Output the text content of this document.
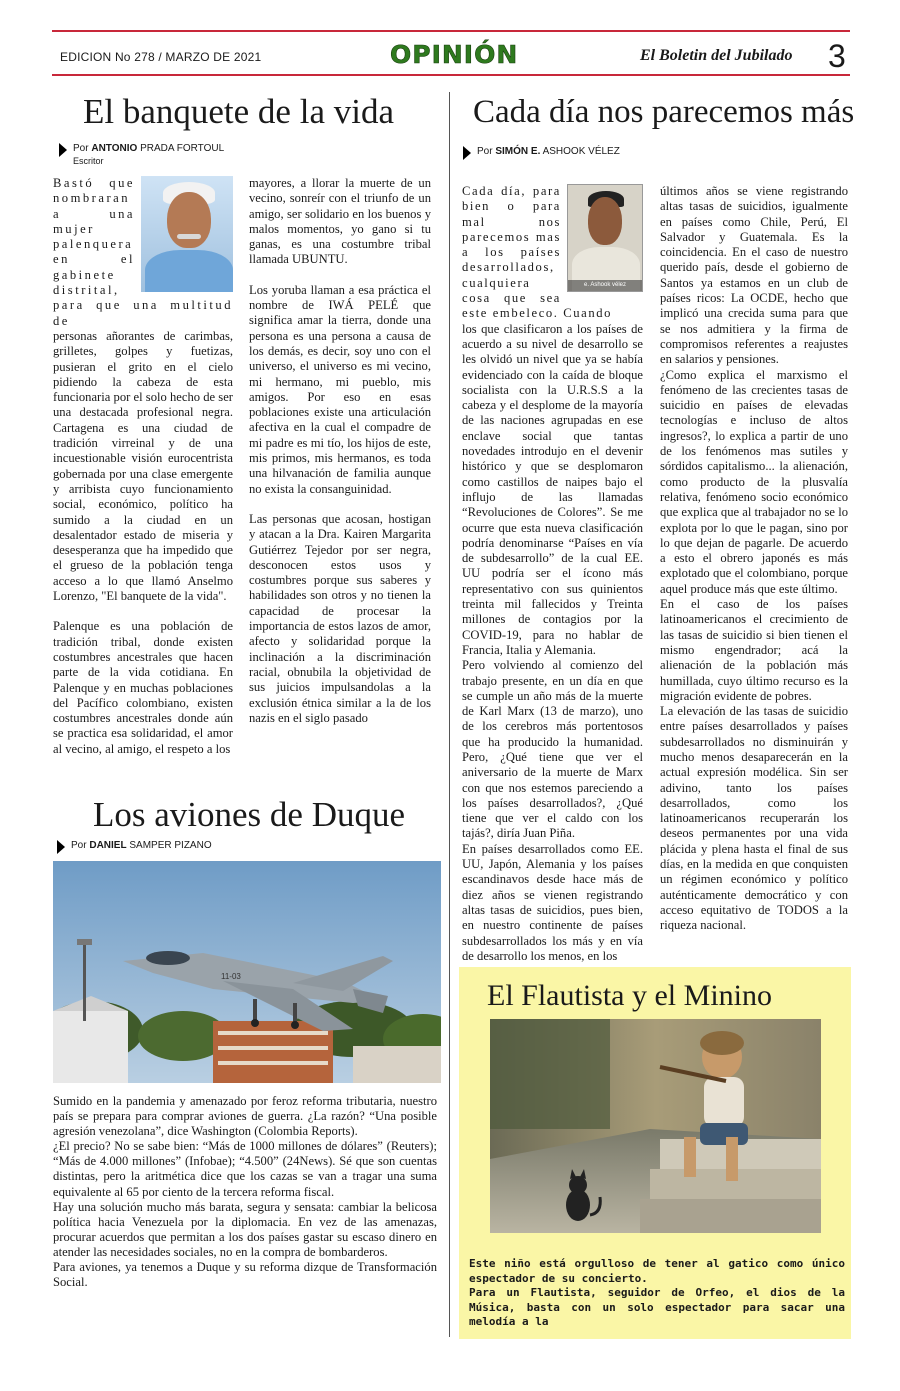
EDICION No 278 / MARZO DE 2021	OPINIÓN	El Boletin del Jubilado 3
El banquete de la vida
Por ANTONIO PRADA FORTOUL
Escritor

Bastó que nombraran a una mujer palenquera en el gabinete distrital, para que una multitud de

personas añorantes de carimbas, grilletes, golpes y fuetizas, pusieran el grito en el cielo pidiendo la cabeza de esta funcionaria por el solo hecho de ser una destacada profesional negra. Cartagena es una ciudad de tradición virreinal y de una incuestionable visión eurocentrista gobernada por una clase emergente y arribista cuyo funcionamiento social, económico, político ha sumido a la ciudad en un desalentador estado de miseria y desesperanza que ha impedido que el grueso de la población tenga acceso a lo que llamó Anselmo Lorenzo, "El banquete de la vida".

Palenque es una población de tradición tribal, donde existen costumbres ancestrales que hacen parte de la vida cotidiana. En Palenque y en muchas poblaciones del Pacífico colombiano, existen costumbres ancestrales donde aún se practica esa solidaridad, el amor al vecino, al amigo, el respeto a los

mayores, a llorar la muerte de un vecino, sonreír con el triunfo de un amigo, ser solidario en los buenos y malos momentos, yo gano si tu ganas, es una costumbre tribal llamada UBUNTU.

Los yoruba llaman a esa práctica el nombre de IWÁ PELÉ que significa amar la tierra, donde una persona es una persona a causa de los demás, es decir, soy uno con el universo, el universo es mi vecino, mi hermano, mi pueblo, mis amigos. Por eso en esas poblaciones existe una articulación afectiva en la cual el compadre de mi padre es mi tío, los hijos de este, mis primos, mis hermanos, es toda una hilvanación de familia aunque no exista la consanguinidad.

Las personas que acosan, hostigan y atacan a la Dra. Kairen Margarita Gutiérrez Tejedor por ser negra, desconocen estos usos y costumbres porque sus saberes y habilidades son otros y no tienen la capacidad de procesar la importancia de estos lazos de amor, afecto y solidaridad porque la inclinación a la discriminación racial, obnubila la objetividad de sus juicios impulsandolas a la exclusión étnica similar a la de los nazis en el siglo pasado

Los aviones de Duque
Por DANIEL SAMPER PIZANO
11-03

Sumido en la pandemia y amenazado por feroz reforma tributaria, nuestro país se prepara para comprar aviones de guerra. ¿La razón? “Una posible agresión venezolana”, dice Washington (Colombia Reports).

¿El precio? No se sabe bien: “Más de 1000 millones de dólares” (Reuters); “Más de 4.000 millones” (Infobae); “4.500” (24News). Sé que son cuentas distintas, pero la aritmética dice que los cazas se van a tragar una suma equivalente al 65 por ciento de la tercera reforma fiscal.

Hay una solución mucho más barata, segura y sensata: cambiar la belicosa política hacia Venezuela por la diplomacia. En vez de las amenazas, procurar acuerdos que permitan a los dos países gastar su escaso dinero en atender las necesidades sociales, no en la compra de bombarderos.

Para aviones, ya tenemos a Duque y su reforma dizque de Transformación Social.

Cada día nos parecemos más
Por SIMÓN E. ASHOOK VÉLEZ
e. Ashook vélez

Cada día, para bien o para mal nos parecemos mas a los países desarrollados, cualquiera cosa que sea este embeleco. Cuando

los que clasificaron a los países de acuerdo a su nivel de desarrollo se les olvidó un nivel que ya se había evidenciado con la caída de bloque socialista con la U.R.S.S a la cabeza y el desplome de la mayoría de las naciones agrupadas en ese enclave social que tantas novedades introdujo en el devenir histórico y que se desplomaron como castillos de naipes bajo el influjo de las llamadas “Revoluciones de Colores”. Se me ocurre que esta nueva clasificación podría denominarse “Países en vía de subdesarrollo” de la cual EE. UU podría ser el ícono más representativo con sus quinientos treinta mil fallecidos y Treinta millones de contagios por la COVID-19, para no hablar de Francia, Italia y Alemania.

Pero volviendo al comienzo del trabajo presente, en un día en que se cumple un año más de la muerte de Karl Marx (13 de marzo), uno de los cerebros más portentosos que ha producido la humanidad. Pero, ¿Qué tiene que ver el aniversario de la muerte de Marx con que nos estemos pareciendo a los países desarrollados?, ¿Qué tiene que ver el caldo con los tajás?, diría Juan Piña.

En países desarrollados como EE. UU, Japón, Alemania y los países escandinavos desde hace más de diez años se vienen registrando altas tasas de suicidios, pues bien, en nuestro continente de países subdesarrollados los más y en vía de desarrollo los menos, en los

últimos años se viene registrando altas tasas de suicidios, igualmente en países como Chile, Perú, El Salvador y Guatemala. Es la coincidencia. En el caso de nuestro querido país, desde el gobierno de Santos ya estamos en un club de países ricos: La OCDE, hecho que implicó una crecida suma para que se nos admitiera y la firma de compromisos referentes a reajustes en salarios y pensiones.

¿Como explica el marxismo el fenómeno de las crecientes tasas de suicidio en países de elevadas tecnologías e incluso de altos ingresos?, lo explica a partir de uno de los fenómenos mas sutiles y sórdidos capitalismo... la alienación, como producto de la plusvalía relativa, fenómeno socio económico que explica que al trabajador no se lo explota por lo que le pagan, sino por lo que dejan de pagarle. De acuerdo a esto el obrero japonés es más explotado que el colombiano, porque aquel produce más que este último.

En el caso de los países latinoamericanos el crecimiento de las tasas de suicidio si bien tienen el mismo engendrador; acá la alienación de la población más humillada, cuyo último recurso es la migración evidente de pobres.

La elevación de las tasas de suicidio entre países desarrollados y países subdesarrollados no disminuirán y mucho menos desaparecerán en la actual expresión modélica. Sin ser adivino, tanto los países desarrollados, como los latinoamericanos recuperarán los deseos permanentes por una vida plácida y plena hasta el final de sus días, en la medida en que conquisten un régimen económico y político auténticamente democrático y con acceso equitativo de TODOS a la riqueza nacional.

El Flautista y el Minino

Este niño está orgulloso de tener al gatico como único espectador de su concierto.

Para un Flautista, seguidor de Orfeo, el dios de la Música, basta con un solo espectador para sacar una melodía a la
